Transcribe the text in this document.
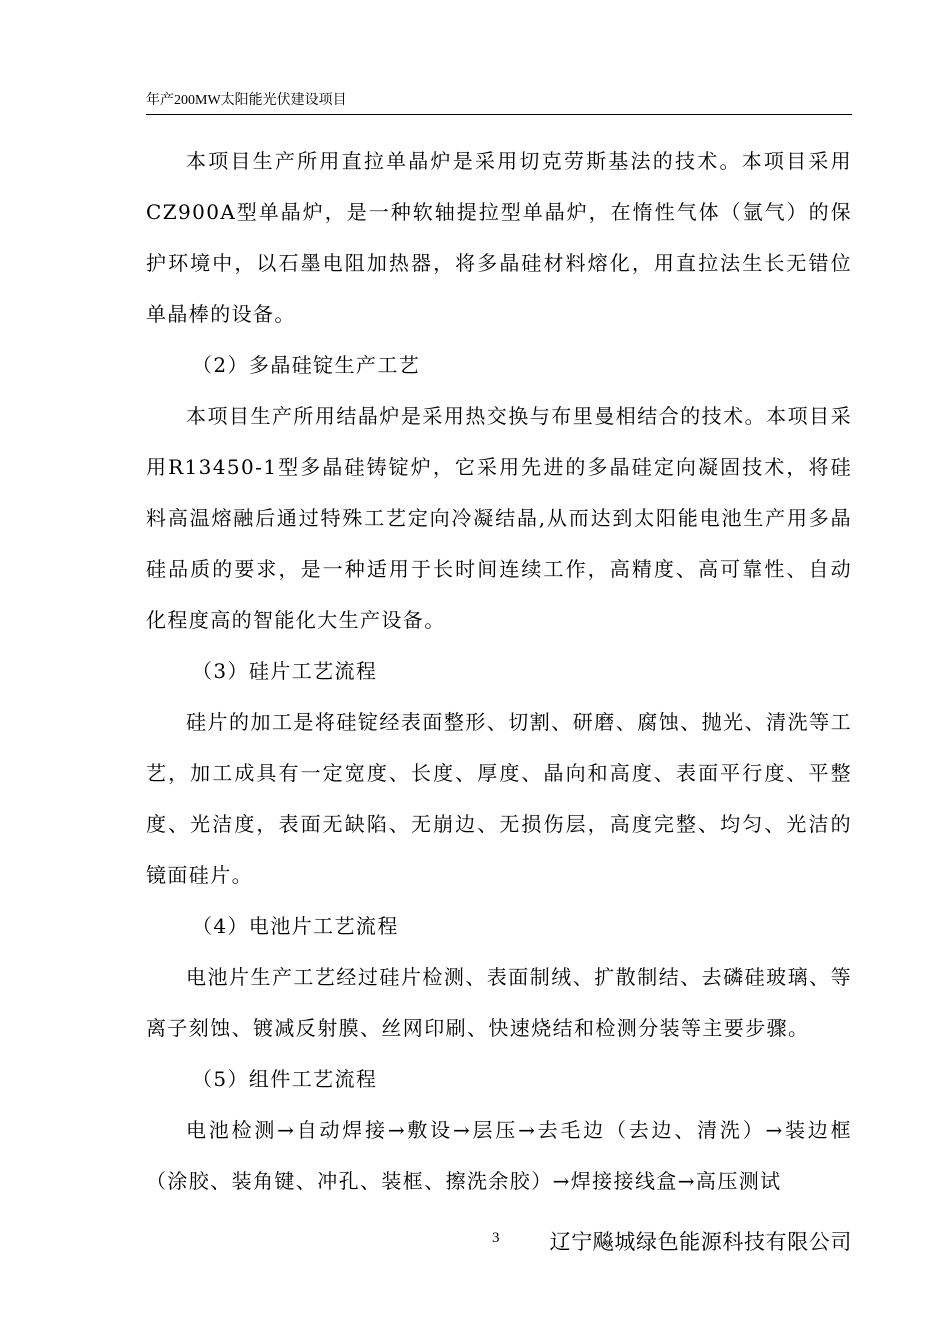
年产200MW太阳能光伏建设项目

本项目生产所用直拉单晶炉是采用切克劳斯基法的技术。本项目采用CZ900A型单晶炉，是一种软轴提拉型单晶炉，在惰性气体（氩气）的保护环境中，以石墨电阻加热器，将多晶硅材料熔化，用直拉法生长无错位单晶棒的设备。

（2）多晶硅锭生产工艺

本项目生产所用结晶炉是采用热交换与布里曼相结合的技术。本项目采用R13450-1型多晶硅铸锭炉，它采用先进的多晶硅定向凝固技术，将硅料高温熔融后通过特殊工艺定向冷凝结晶,从而达到太阳能电池生产用多晶硅品质的要求，是一种适用于长时间连续工作，高精度、高可靠性、自动化程度高的智能化大生产设备。

（3）硅片工艺流程

硅片的加工是将硅锭经表面整形、切割、研磨、腐蚀、抛光、清洗等工艺，加工成具有一定宽度、长度、厚度、晶向和高度、表面平行度、平整度、光洁度，表面无缺陷、无崩边、无损伤层，高度完整、均匀、光洁的镜面硅片。

（4）电池片工艺流程

电池片生产工艺经过硅片检测、表面制绒、扩散制结、去磷硅玻璃、等离子刻蚀、镀减反射膜、丝网印刷、快速烧结和检测分装等主要步骤。

（5）组件工艺流程

电池检测→自动焊接→敷设→层压→去毛边（去边、清洗）→装边框（涂胶、装角键、冲孔、装框、擦洗余胶）→焊接接线盒→高压测试

3 辽宁飚城绿色能源科技有限公司
